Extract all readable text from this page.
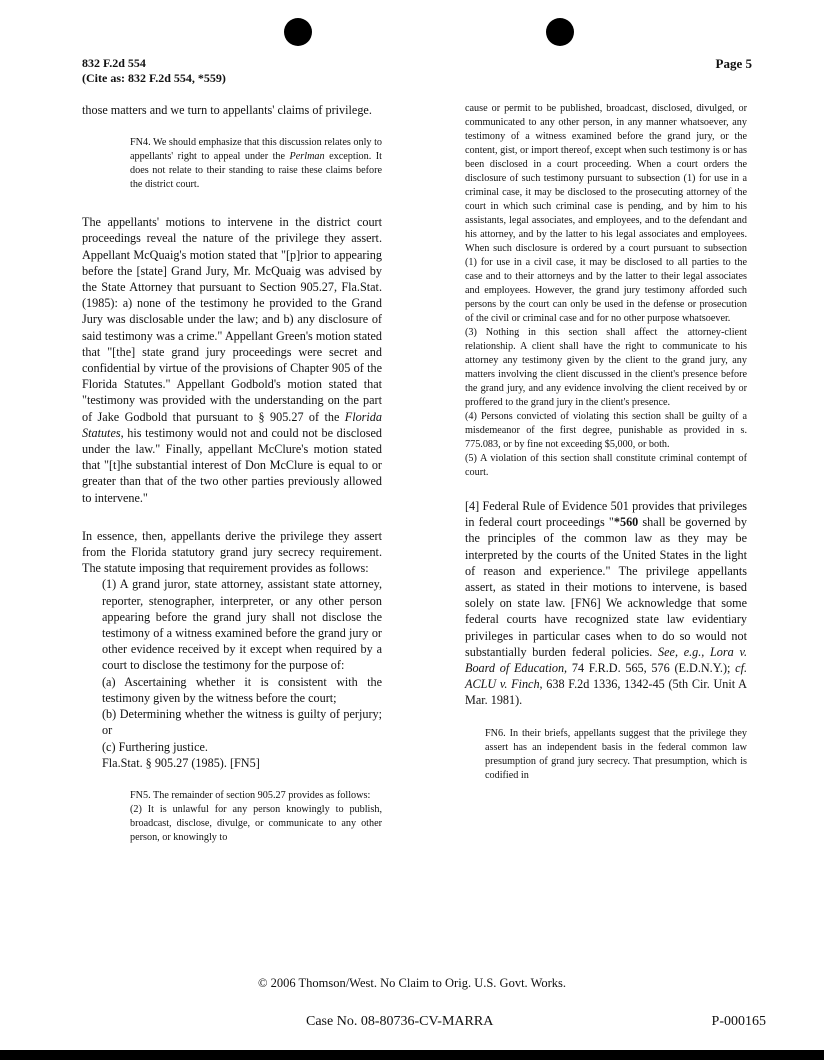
832 F.2d 554
(Cite as: 832 F.2d 554, *559)
Page 5

those matters and we turn to appellants' claims of privilege.

FN4. We should emphasize that this discussion relates only to appellants' right to appeal under the Perlman exception. It does not relate to their standing to raise these claims before the district court.

The appellants' motions to intervene in the district court proceedings reveal the nature of the privilege they assert. Appellant McQuaig's motion stated that "[p]rior to appearing before the [state] Grand Jury, Mr. McQuaig was advised by the State Attorney that pursuant to Section 905.27, Fla.Stat. (1985): a) none of the testimony he provided to the Grand Jury was disclosable under the law; and b) any disclosure of said testimony was a crime." Appellant Green's motion stated that "[the] state grand jury proceedings were secret and confidential by virtue of the provisions of Chapter 905 of the Florida Statutes." Appellant Godbold's motion stated that "testimony was provided with the understanding on the part of Jake Godbold that pursuant to § 905.27 of the Florida Statutes, his testimony would not and could not be disclosed under the law." Finally, appellant McClure's motion stated that "[t]he substantial interest of Don McClure is equal to or greater than that of the two other parties previously allowed to intervene."

In essence, then, appellants derive the privilege they assert from the Florida statutory grand jury secrecy requirement. The statute imposing that requirement provides as follows:

(1) A grand juror, state attorney, assistant state attorney, reporter, stenographer, interpreter, or any other person appearing before the grand jury shall not disclose the testimony of a witness examined before the grand jury or other evidence received by it except when required by a court to disclose the testimony for the purpose of:

(a) Ascertaining whether it is consistent with the testimony given by the witness before the court;

(b) Determining whether the witness is guilty of perjury; or

(c) Furthering justice.

Fla.Stat. § 905.27 (1985). [FN5]

FN5. The remainder of section 905.27 provides as follows:

(2) It is unlawful for any person knowingly to publish, broadcast, disclose, divulge, or communicate to any other person, or knowingly to

cause or permit to be published, broadcast, disclosed, divulged, or communicated to any other person, in any manner whatsoever, any testimony of a witness examined before the grand jury, or the content, gist, or import thereof, except when such testimony is or has been disclosed in a court proceeding. When a court orders the disclosure of such testimony pursuant to subsection (1) for use in a criminal case, it may be disclosed to the prosecuting attorney of the court in which such criminal case is pending, and by him to his assistants, legal associates, and employees, and to the defendant and his attorney, and by the latter to his legal associates and employees. When such disclosure is ordered by a court pursuant to subsection (1) for use in a civil case, it may be disclosed to all parties to the case and to their attorneys and by the latter to their legal associates and employees. However, the grand jury testimony afforded such persons by the court can only be used in the defense or prosecution of the civil or criminal case and for no other purpose whatsoever.

(3) Nothing in this section shall affect the attorney-client relationship. A client shall have the right to communicate to his attorney any testimony given by the client to the grand jury, any matters involving the client discussed in the client's presence before the grand jury, and any evidence involving the client received by or proffered to the grand jury in the client's presence.

(4) Persons convicted of violating this section shall be guilty of a misdemeanor of the first degree, punishable as provided in s. 775.083, or by fine not exceeding $5,000, or both.

(5) A violation of this section shall constitute criminal contempt of court.

[4] Federal Rule of Evidence 501 provides that privileges in federal court proceedings "*560 shall be governed by the principles of the common law as they may be interpreted by the courts of the United States in the light of reason and experience." The privilege appellants assert, as stated in their motions to intervene, is based solely on state law. [FN6] We acknowledge that some federal courts have recognized state law evidentiary privileges in particular cases when to do so would not substantially burden federal policies. See, e.g., Lora v. Board of Education, 74 F.R.D. 565, 576 (E.D.N.Y.); cf. ACLU v. Finch, 638 F.2d 1336, 1342-45 (5th Cir. Unit A Mar. 1981).

FN6. In their briefs, appellants suggest that the privilege they assert has an independent basis in the federal common law presumption of grand jury secrecy. That presumption, which is codified in

© 2006 Thomson/West. No Claim to Orig. U.S. Govt. Works.
Case No. 08-80736-CV-MARRA	P-000165
